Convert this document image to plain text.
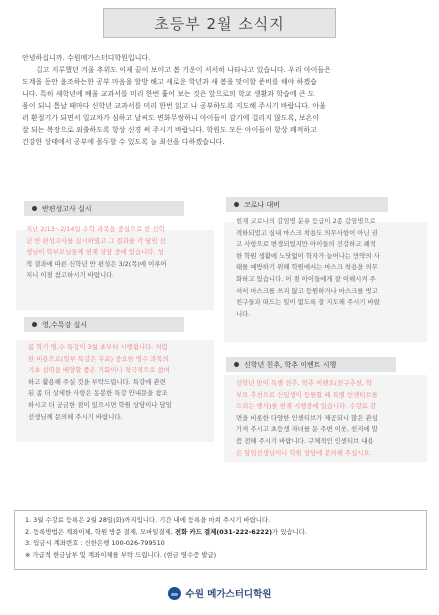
초등부 2월 소식지

안녕하십니까. 수원메가스터디학원입니다.

길고 지루했던 겨울 추위도 이제 끝이 보이고 봄 기운이 서서히 나타나고 있습니다. 우리 아이들은

도계을 동안 윤조하는한 공부 마음을 할방 해고 새로운 학년과 새 봄을 맞이할 준비를 해야 하겠습

니다. 특히 새학년에 배울 교과서를 미리 한번 훑어 보는 것은 앞으로의 학교 생활과 학습에 큰 도

움이 되니 틈날 때마다 신학년 교과서를 미리 한번 읽고 나 공부하도록 지도해 주시기 바랍니다. 아울

러 환절기가 되면서 일교차가 심하고 날씨도 변화무쌍하니 아이들이 감기에 걸리지 않도록, 보온이

잘 되는 복장으로 외출하도록 항상 신경 써 주시기 바랍니다. 학원도 모든 아이들이 항상 쾌적하고

건강한 상태에서 공부에 몰두할 수 있도록 늘 최선을 다하겠습니다.

반편성고사 실시
지난 2/13~2/14일 수학 과목을 중심으로 한 신학
년 반 편성고사를 실시하였고 그 결과를 각 담임 선
생님이 학부모님들께 현재 상담 중에 있습니다. 성
적 결과에 따른 신학년 반 편성은 3/2(목)에 이루어
지니 이점 참고하시기 바랍니다.
영,수특강 실시
봄 학기 영,수 특강이 3월 초부터 시행됩니다. 저렴
한 비용으로(일부 특강은 무료) 중요한 영수 과목의
기초 실력을 배양할 좋은 기회이니 적극적으로 참여
하고 활용해 주실 것을 부탁드립니다. 특강에 관련
된 좀 더 상세한 사항은 동봉한 특강 안내문을 참조
하시고 더 궁금한 점이 있으시면 학원 상담이나 담임
선생님께 문의해 주시기 바랍니다.
코로나 대비
현재 코로나의 감염병 분류 등급이 2종 감염병으로
격하되었고 실내 마스크 착용도 의무사항이 아닌 권
고 사항으로 변경되었지만 아이들의 건강하고 쾌적
한 학원 생활에 노닷없이 학자가 늘어나는 만약의 사
태를 예방하기 위해 학원에서는 마스크 착용을 의무
화하고 있습니다. 이 점 아이들에게 잘 이해시켜 주
셔서 마스크를 쓰지 않고 등원하거나 마스크를 벗고
친구들과 떠드는 일이 없도록 잘 지도해 주시기 바랍
니다.
신학년 친추, 학추 이벤트 시행
신학년 맞이 특별 친추, 학추 이벤트(친구추천, 학
부모 추천으로 신입생이 등원할 때 특별 인센티브를
드리는 행사)를 현재 시행중에 있습니다. 수강료 감
면을 비롯한 다양한 인센티브가 제공되니 많은 관심
가져 주시고 초등생 자녀를 둔 주변 이웃, 친지에 말
씀 전해 주시기 바랍니다. 구체적인 인센티브 내용
은 담임선생님이나 학원 상담에 문의해 주십시오.

1. 3월 수강료 등록은 2월 28일(화)까지입니다. 기간 내에 등록을 마쳐 주시기 바랍니다.

2. 등록방법은 계좌이체, 학원 방문 결제, 모바일결제, 전화 카드 결제(031-222-6222)가 있습니다.

3. 입금시 계좌번호 : 신한은행 100-026-799510

※ 가급적 현금납부 및 계좌이체를 부탁 드립니다. (현금 영수증 발급)

수원 메가스터디학원
